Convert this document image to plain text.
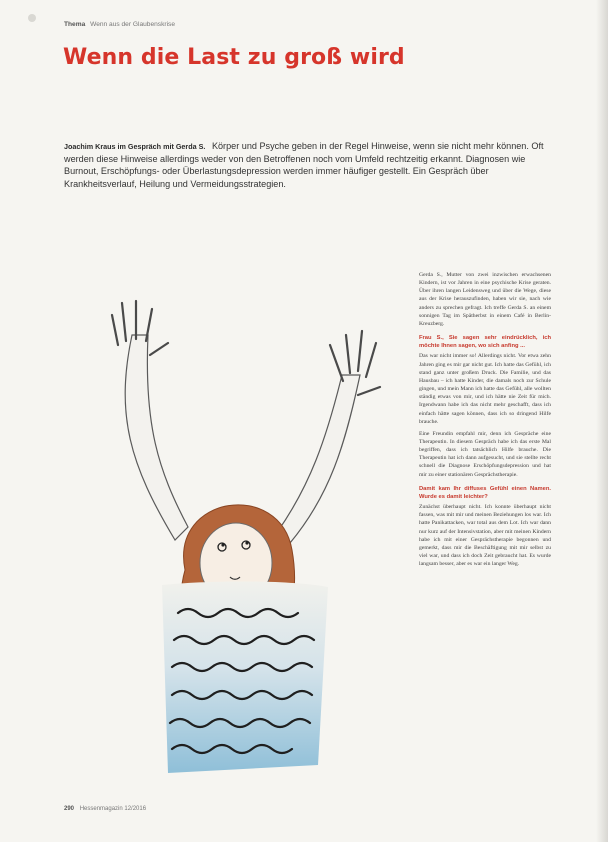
Thema Wenn aus der Glaubenskrise
Wenn die Last zu groß wird

Joachim Kraus im Gespräch mit Gerda S. Körper und Psyche geben in der Regel Hinweise, wenn sie nicht mehr können. Oft werden diese Hinweise allerdings weder von den Betroffenen noch vom Umfeld rechtzeitig erkannt. Diagnosen wie Burnout, Erschöpfungs- oder Überlastungsdepression werden immer häufiger gestellt. Ein Gespräch über Krankheitsverlauf, Heilung und Vermeidungsstrategien.

Gerda S., Mutter von zwei inzwischen erwachsenen Kindern, ist vor Jahren in eine psychische Krise geraten. Über ihren langen Leidensweg und über die Wege, diese aus der Krise herauszufinden, haben wir sie, nach wie anders zu sprechen gefragt. Ich treffe Gerda S. an einem sonnigen Tag im Spätherbst in einem Café in Berlin-Kreuzberg.

Frau S., Sie sagen sehr eindrücklich, ich möchte Ihnen sagen, wo sich anfing ...

Das war nicht immer so! Allerdings nicht. Vor etwa zehn Jahren ging es mir gar nicht gut. Ich hatte das Gefühl, ich stand ganz unter großem Druck. Die Familie, und das Hausbau – ich hatte Kinder, die damals noch zur Schule gingen, und mein Mann ich hatte das Gefühl, alle wollten ständig etwas von mir, und ich hätte nie Zeit für mich. Irgendwann habe ich das nicht mehr geschafft, dass ich einfach hätte sagen können, dass ich so dringend Hilfe brauche.

Eine Freundin empfahl mir, denn ich Gespräche eine Therapeutin. In diesem Gespräch habe ich das erste Mal begriffen, dass ich tatsächlich Hilfe brauche. Die Therapeutin hat ich dann aufgesucht, und sie stellte recht schnell die Diagnose Erschöpfungsdepression und hat mir zu einer stationären Gesprächstherapie.

Damit kam Ihr diffuses Gefühl einen Namen. Wurde es damit leichter?

Zunächst überhaupt nicht. Ich konnte überhaupt nicht fassen, was mit mir und meinen Beziehungen los war. Ich hatte Panikattacken, war total aus dem Lot. Ich war dann nur kurz auf der Intensivstation, aber mit meinen Kindern habe ich mit einer Gesprächstherapie begonnen und gemerkt, dass mir die Beschäftigung mit mir selbst zu viel war, und dass ich doch Zeit gebraucht hat. Es wurde langsam besser, aber es war ein langer Weg.

290 Hessenmagazin 12/2016
